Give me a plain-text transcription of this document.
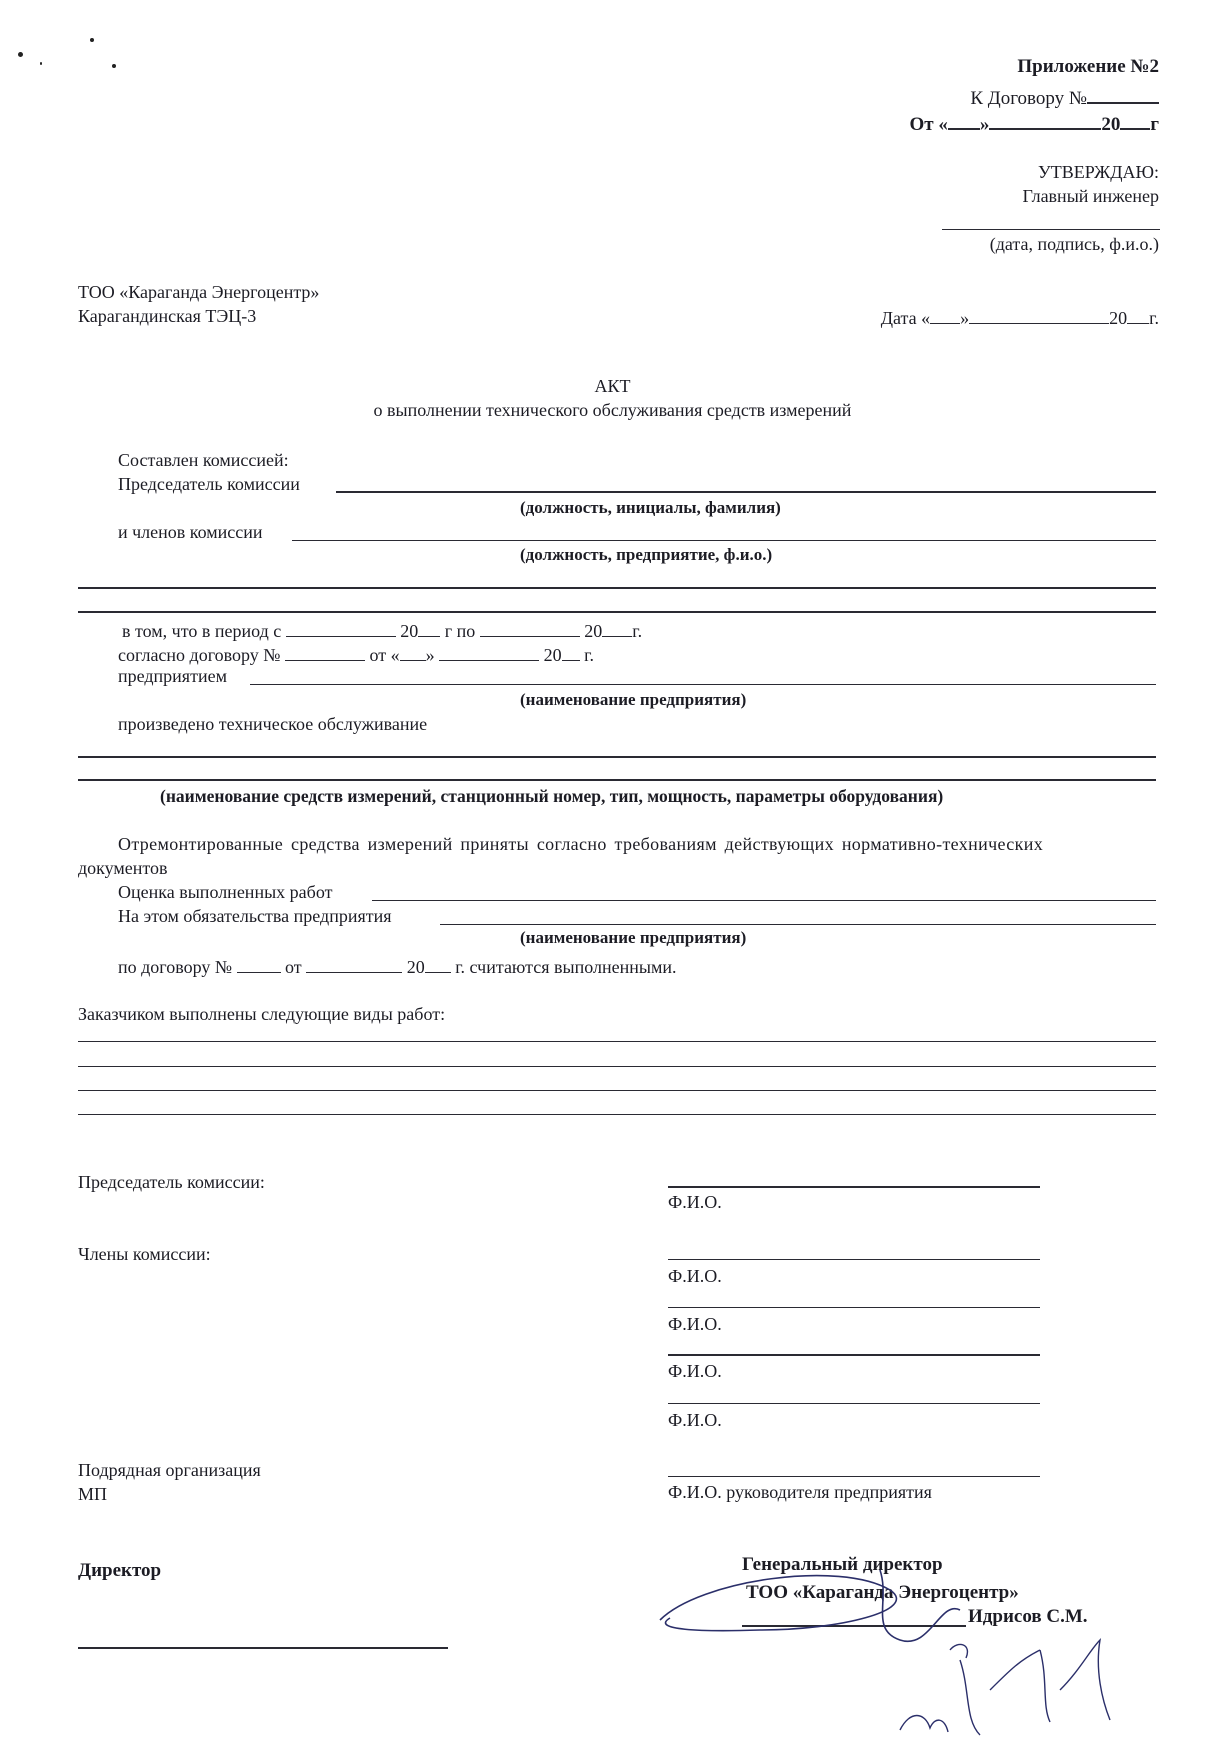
Приложение №2
К Договору №
От « »	20 г
УТВЕРЖДАЮ:
Главный инженер
(дата, подпись, ф.и.о.)
ТОО «Караганда Энергоцентр»
Карагандинская ТЭЦ-3	Дата « »	20 г.
АКТ
о выполнении технического обслуживания средств измерений
Составлен комиссией:
Председатель комиссии
(должность, инициалы, фамилия)
и членов комиссии
(должность, предприятие, ф.и.о.)
в том, что в период с	20 г по	20 г.
согласно договору №	от « »	20 г.
предприятием
(наименование предприятия)
произведено техническое обслуживание
(наименование средств измерений, станционный номер, тип, мощность, параметры оборудования)
Отремонтированные средства измерений приняты согласно требованиям действующих нормативно-технических
документов
Оценка выполненных работ
На этом обязательства предприятия
(наименование предприятия)
по договору №	от	20 г. считаются выполненными.
Заказчиком выполнены следующие виды работ:
Председатель комиссии:
Ф.И.О.
Члены комиссии:
Ф.И.О.
Ф.И.О.
Ф.И.О.
Ф.И.О.
Подрядная организация
МП	Ф.И.О. руководителя предприятия
Директор	Генеральный директор
ТОО «Караганда Энергоцентр»
Идрисов С.М.
